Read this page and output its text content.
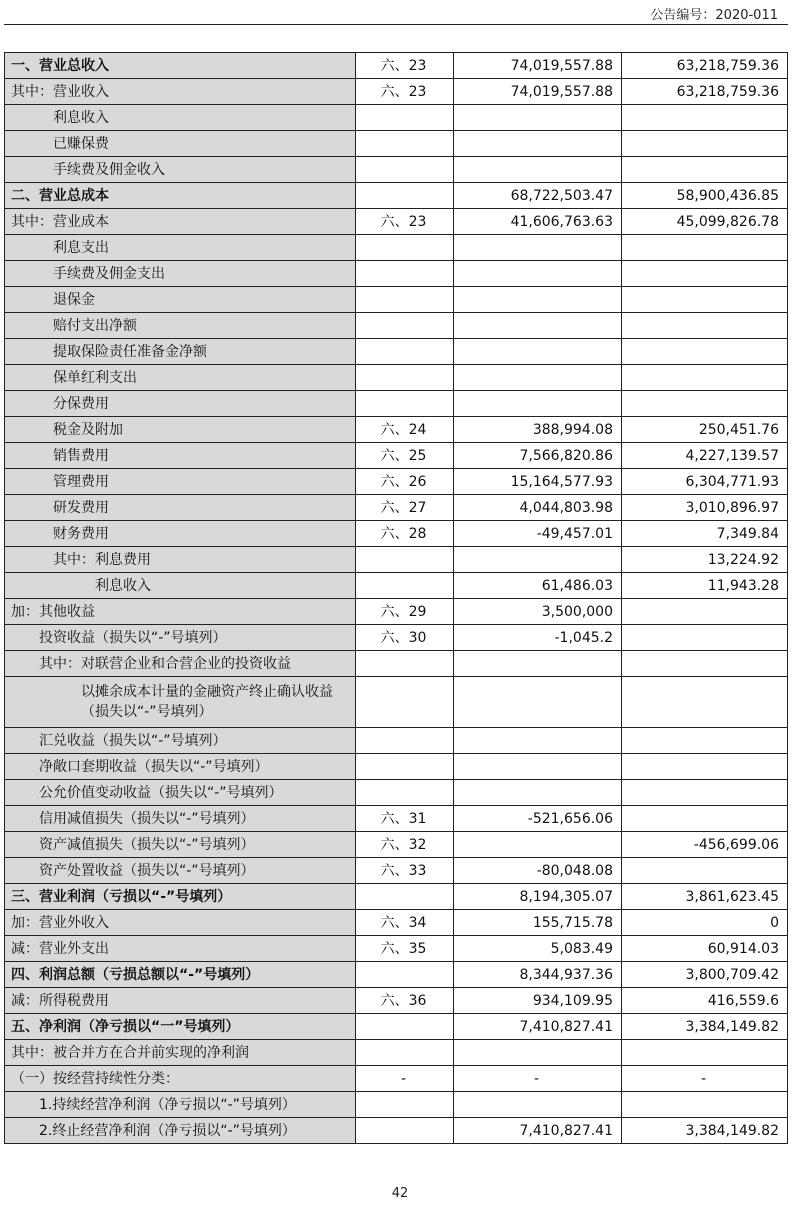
公告编号：2020-011
一、营业总收入	六、23	74,019,557.88	63,218,759.36
其中：营业收入	六、23	74,019,557.88	63,218,759.36
利息收入			
已赚保费			
手续费及佣金收入			
二、营业总成本		68,722,503.47	58,900,436.85
其中：营业成本	六、23	41,606,763.63	45,099,826.78
利息支出			
手续费及佣金支出			
退保金			
赔付支出净额			
提取保险责任准备金净额			
保单红利支出			
分保费用			
税金及附加	六、24	388,994.08	250,451.76
销售费用	六、25	7,566,820.86	4,227,139.57
管理费用	六、26	15,164,577.93	6,304,771.93
研发费用	六、27	4,044,803.98	3,010,896.97
财务费用	六、28	-49,457.01	7,349.84
其中：利息费用			13,224.92
利息收入		61,486.03	11,943.28
加：其他收益	六、29	3,500,000	
投资收益（损失以“-”号填列）	六、30	-1,045.2	
其中：对联营企业和合营企业的投资收益			
以摊余成本计量的金融资产终止确认收益（损失以“-”号填列）			
汇兑收益（损失以“-”号填列）			
净敞口套期收益（损失以“-”号填列）			
公允价值变动收益（损失以“-”号填列）			
信用减值损失（损失以“-”号填列）	六、31	-521,656.06	
资产减值损失（损失以“-”号填列）	六、32		-456,699.06
资产处置收益（损失以“-”号填列）	六、33	-80,048.08	
三、营业利润（亏损以“-”号填列）		8,194,305.07	3,861,623.45
加：营业外收入	六、34	155,715.78	0
减：营业外支出	六、35	5,083.49	60,914.03
四、利润总额（亏损总额以“-”号填列）		8,344,937.36	3,800,709.42
减：所得税费用	六、36	934,109.95	416,559.6
五、净利润（净亏损以“一”号填列）		7,410,827.41	3,384,149.82
其中：被合并方在合并前实现的净利润			
（一）按经营持续性分类：	-	-	-
1.持续经营净利润（净亏损以“-”号填列）			
2.终止经营净利润（净亏损以“-”号填列）		7,410,827.41	3,384,149.82
42
